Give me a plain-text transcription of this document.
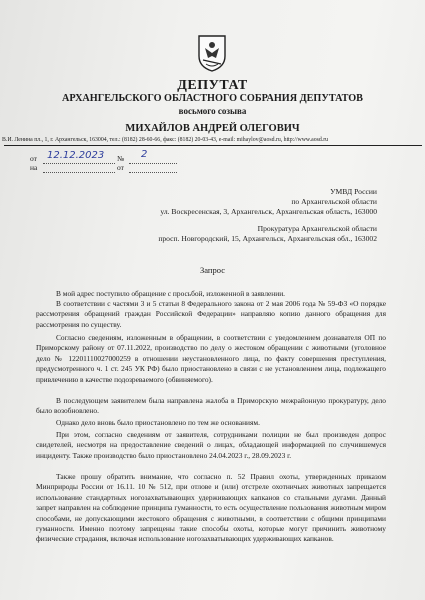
ДЕПУТАТ
АРХАНГЕЛЬСКОГО ОБЛАСТНОГО СОБРАНИЯ ДЕПУТАТОВ
восьмого созыва
МИХАЙЛОВ АНДРЕЙ ОЛЕГОВИЧ
В.И. Ленина пл., 1, г. Архангельск, 163004, тел.: (8182) 28-60-66, факс: (8182) 20-03-43, e-mail: mihaylov@aosd.ru, http://www.aosd.ru
от 12.12.2023 № 2
на	от
УМВД России
по Архангельской области
ул. Воскресенская, 3, Архангельск, Архангельская область, 163000
Прокуратура Архангельской области
просп. Новгородский, 15, Архангельск, Архангельская обл., 163002
Запрос
В мой адрес поступило обращение с просьбой, изложенной в заявлении.
В соответствии с частями 3 и 5 статьи 8 Федерального закона от 2 мая 2006 года № 59-ФЗ «О порядке рассмотрения обращений граждан Российской Федерации» направляю копию данного обращения для рассмотрения по существу.
Согласно сведениям, изложенным в обращении, в соответствии с уведомлением дознавателя ОП по Приморскому району от 07.11.2022, производство по делу о жестоком обращении с животными (уголовное дело № 12201110027000259 в отношении неустановленного лица, по факту совершения преступления, предусмотренного ч. 1 ст. 245 УК РФ) было приостановлено в связи с не установлением лица, подлежащего привлечению в качестве подозреваемого (обвиняемого).
В последующем заявителем была направлена жалоба в Приморскую межрайонную прокуратуру, дело было возобновлено.
Однако дело вновь было приостановлено по тем же основаниям.
При этом, согласно сведениям от заявителя, сотрудниками полиции не был произведен допрос свидетелей, несмотря на предоставление сведений о лицах, обладающей информацией по случившемуся инциденту. Также производство было приостановлено 24.04.2023 г., 28.09.2023 г.
Также прошу обратить внимание, что согласно п. 52 Правил охоты, утвержденных приказом Минприроды России от 16.11. 10 № 512, при отлове и (или) отстреле охотничьих животных запрещается использование стандартных ногозахватывающих удерживающих капканов со стальными дугами. Данный запрет направлен на соблюдение принципа гуманности, то есть осуществление пользования животным миром способами, не допускающими жестокого обращения с животными, в соответствии с общими принципами гуманности. Именно поэтому запрещены такие способы охоты, которые могут причинить животному физические страдания, включая использование ногозахватывающих удерживающих капканов.
